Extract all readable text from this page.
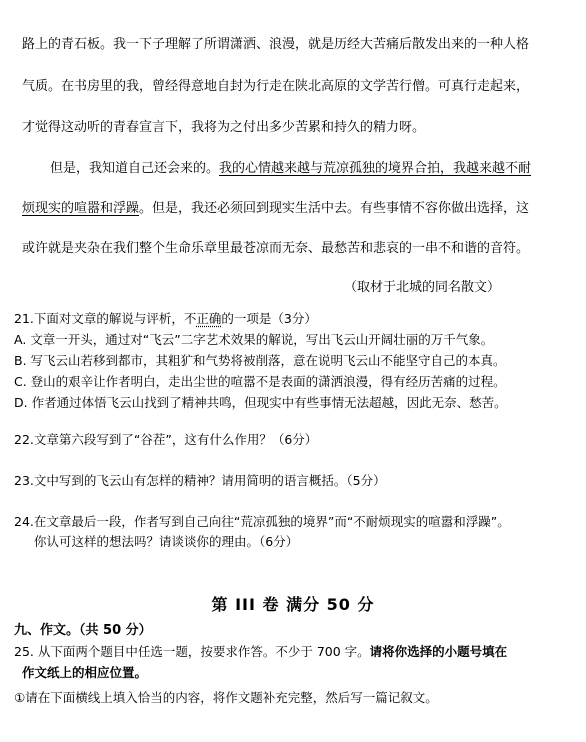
路上的青石板。我一下子理解了所谓潇洒、浪漫，就是历经大苦痛后散发出来的一种人格
气质。在书房里的我，曾经得意地自封为行走在陕北高原的文学苦行僧。可真行走起来，
才觉得这动听的青春宣言下，我将为之付出多少苦累和持久的精力呀。
但是，我知道自己还会来的。我的心情越来越与荒凉孤独的境界合拍，我越来越不耐
烦现实的喧嚣和浮躁。但是，我还必须回到现实生活中去。有些事情不容你做出选择，这
或许就是夹杂在我们整个生命乐章里最苍凉而无奈、最愁苦和悲哀的一串不和谐的音符。
（取材于北城的同名散文）
21.下面对文章的解说与评析，不正确的一项是（3分）
A. 文章一开头，通过对“飞云”二字艺术效果的解说，写出飞云山开阔壮丽的万千气象。
B. 写飞云山若移到都市，其粗犷和气势将被削落，意在说明飞云山不能坚守自己的本真。
C. 登山的艰辛让作者明白，走出尘世的喧嚣不是表面的潇洒浪漫，得有经历苦痛的过程。
D. 作者通过体悟飞云山找到了精神共鸣，但现实中有些事情无法超越，因此无奈、愁苦。
22.文章第六段写到了“谷茬”，这有什么作用？（6分）
23.文中写到的飞云山有怎样的精神？请用简明的语言概括。（5分）
24.在文章最后一段，作者写到自己向往“荒凉孤独的境界”而“不耐烦现实的喧嚣和浮躁”。
你认可这样的想法吗？请谈谈你的理由。（6分）
第 III 卷 满分 50 分
九、作文。（共 50 分）
25. 从下面两个题目中任选一题，按要求作答。不少于 700 字。请将你选择的小题号填在
作文纸上的相应位置。
①请在下面横线上填入恰当的内容，将作文题补充完整，然后写一篇记叙文。
